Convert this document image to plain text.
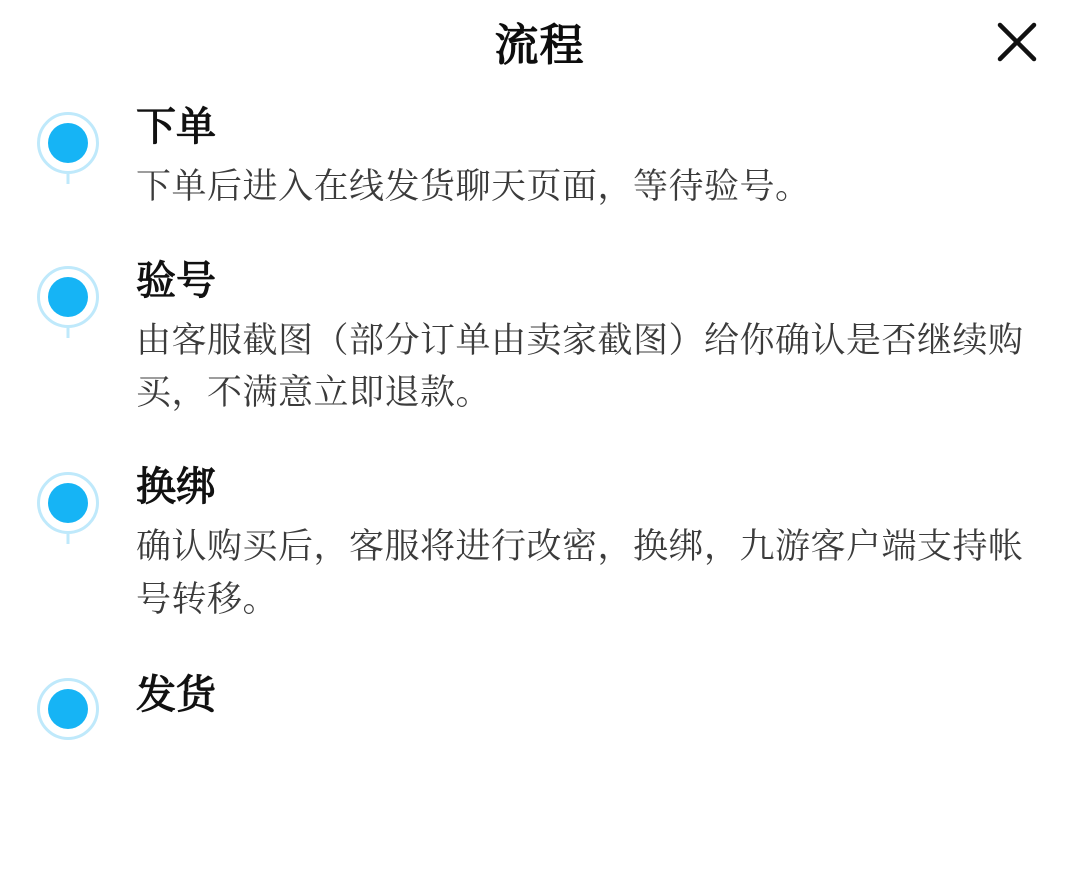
流程
下单
下单后进入在线发货聊天页面，等待验号。
验号
由客服截图（部分订单由卖家截图）给你确认是否继续购买，不满意立即退款。
换绑
确认购买后，客服将进行改密，换绑，九游客户端支持帐号转移。
发货
